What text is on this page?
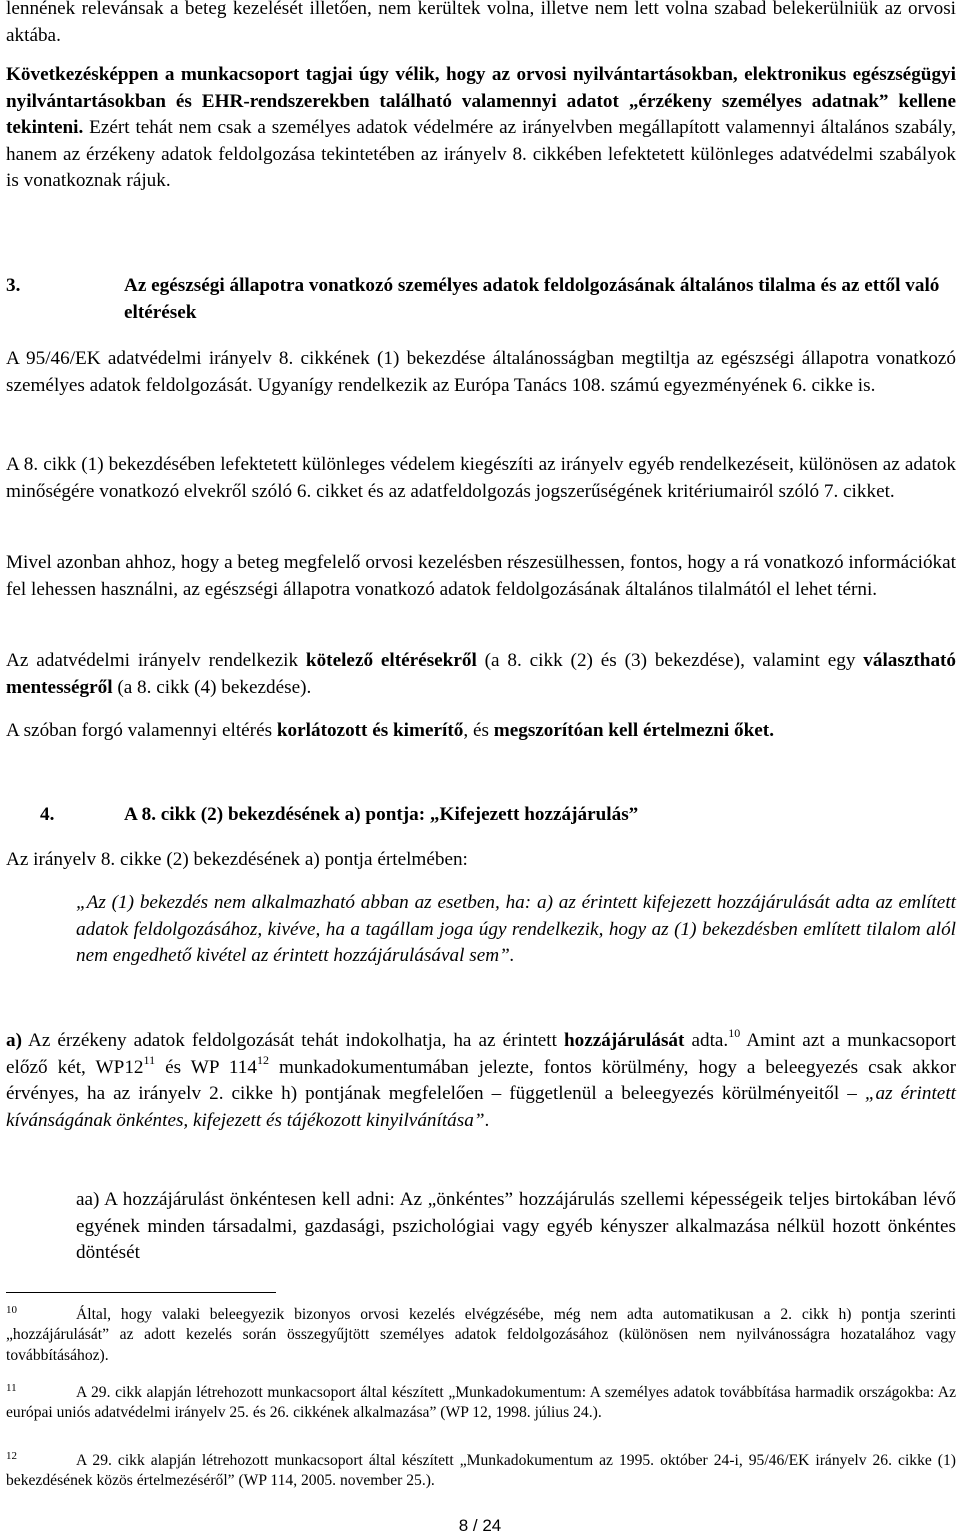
lennének relevánsak a beteg kezelését illetően, nem kerültek volna, illetve nem lett volna szabad belekerülniük az orvosi aktába.

Következésképpen a munkacsoport tagjai úgy vélik, hogy az orvosi nyilvántartásokban, elektronikus egészségügyi nyilvántartásokban és EHR-rendszerekben található valamennyi adatot „érzékeny személyes adatnak” kellene tekinteni. Ezért tehát nem csak a személyes adatok védelmére az irányelvben megállapított valamennyi általános szabály, hanem az érzékeny adatok feldolgozása tekintetében az irányelv 8. cikkében lefektetett különleges adatvédelmi szabályok is vonatkoznak rájuk.

3.	Az egészségi állapotra vonatkozó személyes adatok feldolgozásának általános tilalma és az ettől való eltérések

A 95/46/EK adatvédelmi irányelv 8. cikkének (1) bekezdése általánosságban megtiltja az egészségi állapotra vonatkozó személyes adatok feldolgozását. Ugyanígy rendelkezik az Európa Tanács 108. számú egyezményének 6. cikke is.

A 8. cikk (1) bekezdésében lefektetett különleges védelem kiegészíti az irányelv egyéb rendelkezéseit, különösen az adatok minőségére vonatkozó elvekről szóló 6. cikket és az adatfeldolgozás jogszerűségének kritériumairól szóló 7. cikket.

Mivel azonban ahhoz, hogy a beteg megfelelő orvosi kezelésben részesülhessen, fontos, hogy a rá vonatkozó információkat fel lehessen használni, az egészségi állapotra vonatkozó adatok feldolgozásának általános tilalmától el lehet térni.

Az adatvédelmi irányelv rendelkezik kötelező eltérésekről (a 8. cikk (2) és (3) bekezdése), valamint egy választható mentességről (a 8. cikk (4) bekezdése).

A szóban forgó valamennyi eltérés korlátozott és kimerítő, és megszorítóan kell értelmezni őket.

4.	A 8. cikk (2) bekezdésének a) pontja: „Kifejezett hozzájárulás”

Az irányelv 8. cikke (2) bekezdésének a) pontja értelmében:

„Az (1) bekezdés nem alkalmazható abban az esetben, ha: a) az érintett kifejezett hozzájárulását adta az említett adatok feldolgozásához, kivéve, ha a tagállam joga úgy rendelkezik, hogy az (1) bekezdésben említett tilalom alól nem engedhető kivétel az érintett hozzájárulásával sem”.

a) Az érzékeny adatok feldolgozását tehát indokolhatja, ha az érintett hozzájárulását adta.$^{10}$ Amint azt a munkacsoport előző két, $WP12^{11}$ és WP $114^{12}$ munkadokumentumában jelezte, fontos körülmény, hogy a beleegyezés csak akkor érvényes, ha az irányelv 2. cikke h) pontjának megfelelően – függetlenül a beleegyezés körülményeitől – „az érintett kívánságának önkéntes, kifejezett és tájékozott kinyilvánítása”.

aa) A hozzájárulást önkéntesen kell adni: Az „önkéntes” hozzájárulás szellemi képességeik teljes birtokában lévő egyének minden társadalmi, gazdasági, pszichológiai vagy egyéb kényszer alkalmazása nélkül hozott önkéntes döntését

10	Által, hogy valaki beleegyezik bizonyos orvosi kezelés elvégzésébe, még nem adta automatikusan a 2. cikk h) pontja szerinti „hozzájárulását” az adott kezelés során összegyűjtött személyes adatok feldolgozásához (különösen nem nyilvánosságra hozatalához vagy továbbításához).

11	A 29. cikk alapján létrehozott munkacsoport által készített „Munkadokumentum: A személyes adatok továbbítása harmadik országokba: Az európai uniós adatvédelmi irányelv 25. és 26. cikkének alkalmazása” (WP 12, 1998. július 24.).

12	A 29. cikk alapján létrehozott munkacsoport által készített „Munkadokumentum az 1995. október 24-i, 95/46/EK irányelv 26. cikke (1) bekezdésének közös értelmezéséről” (WP 114, 2005. november 25.).

8 / 24
